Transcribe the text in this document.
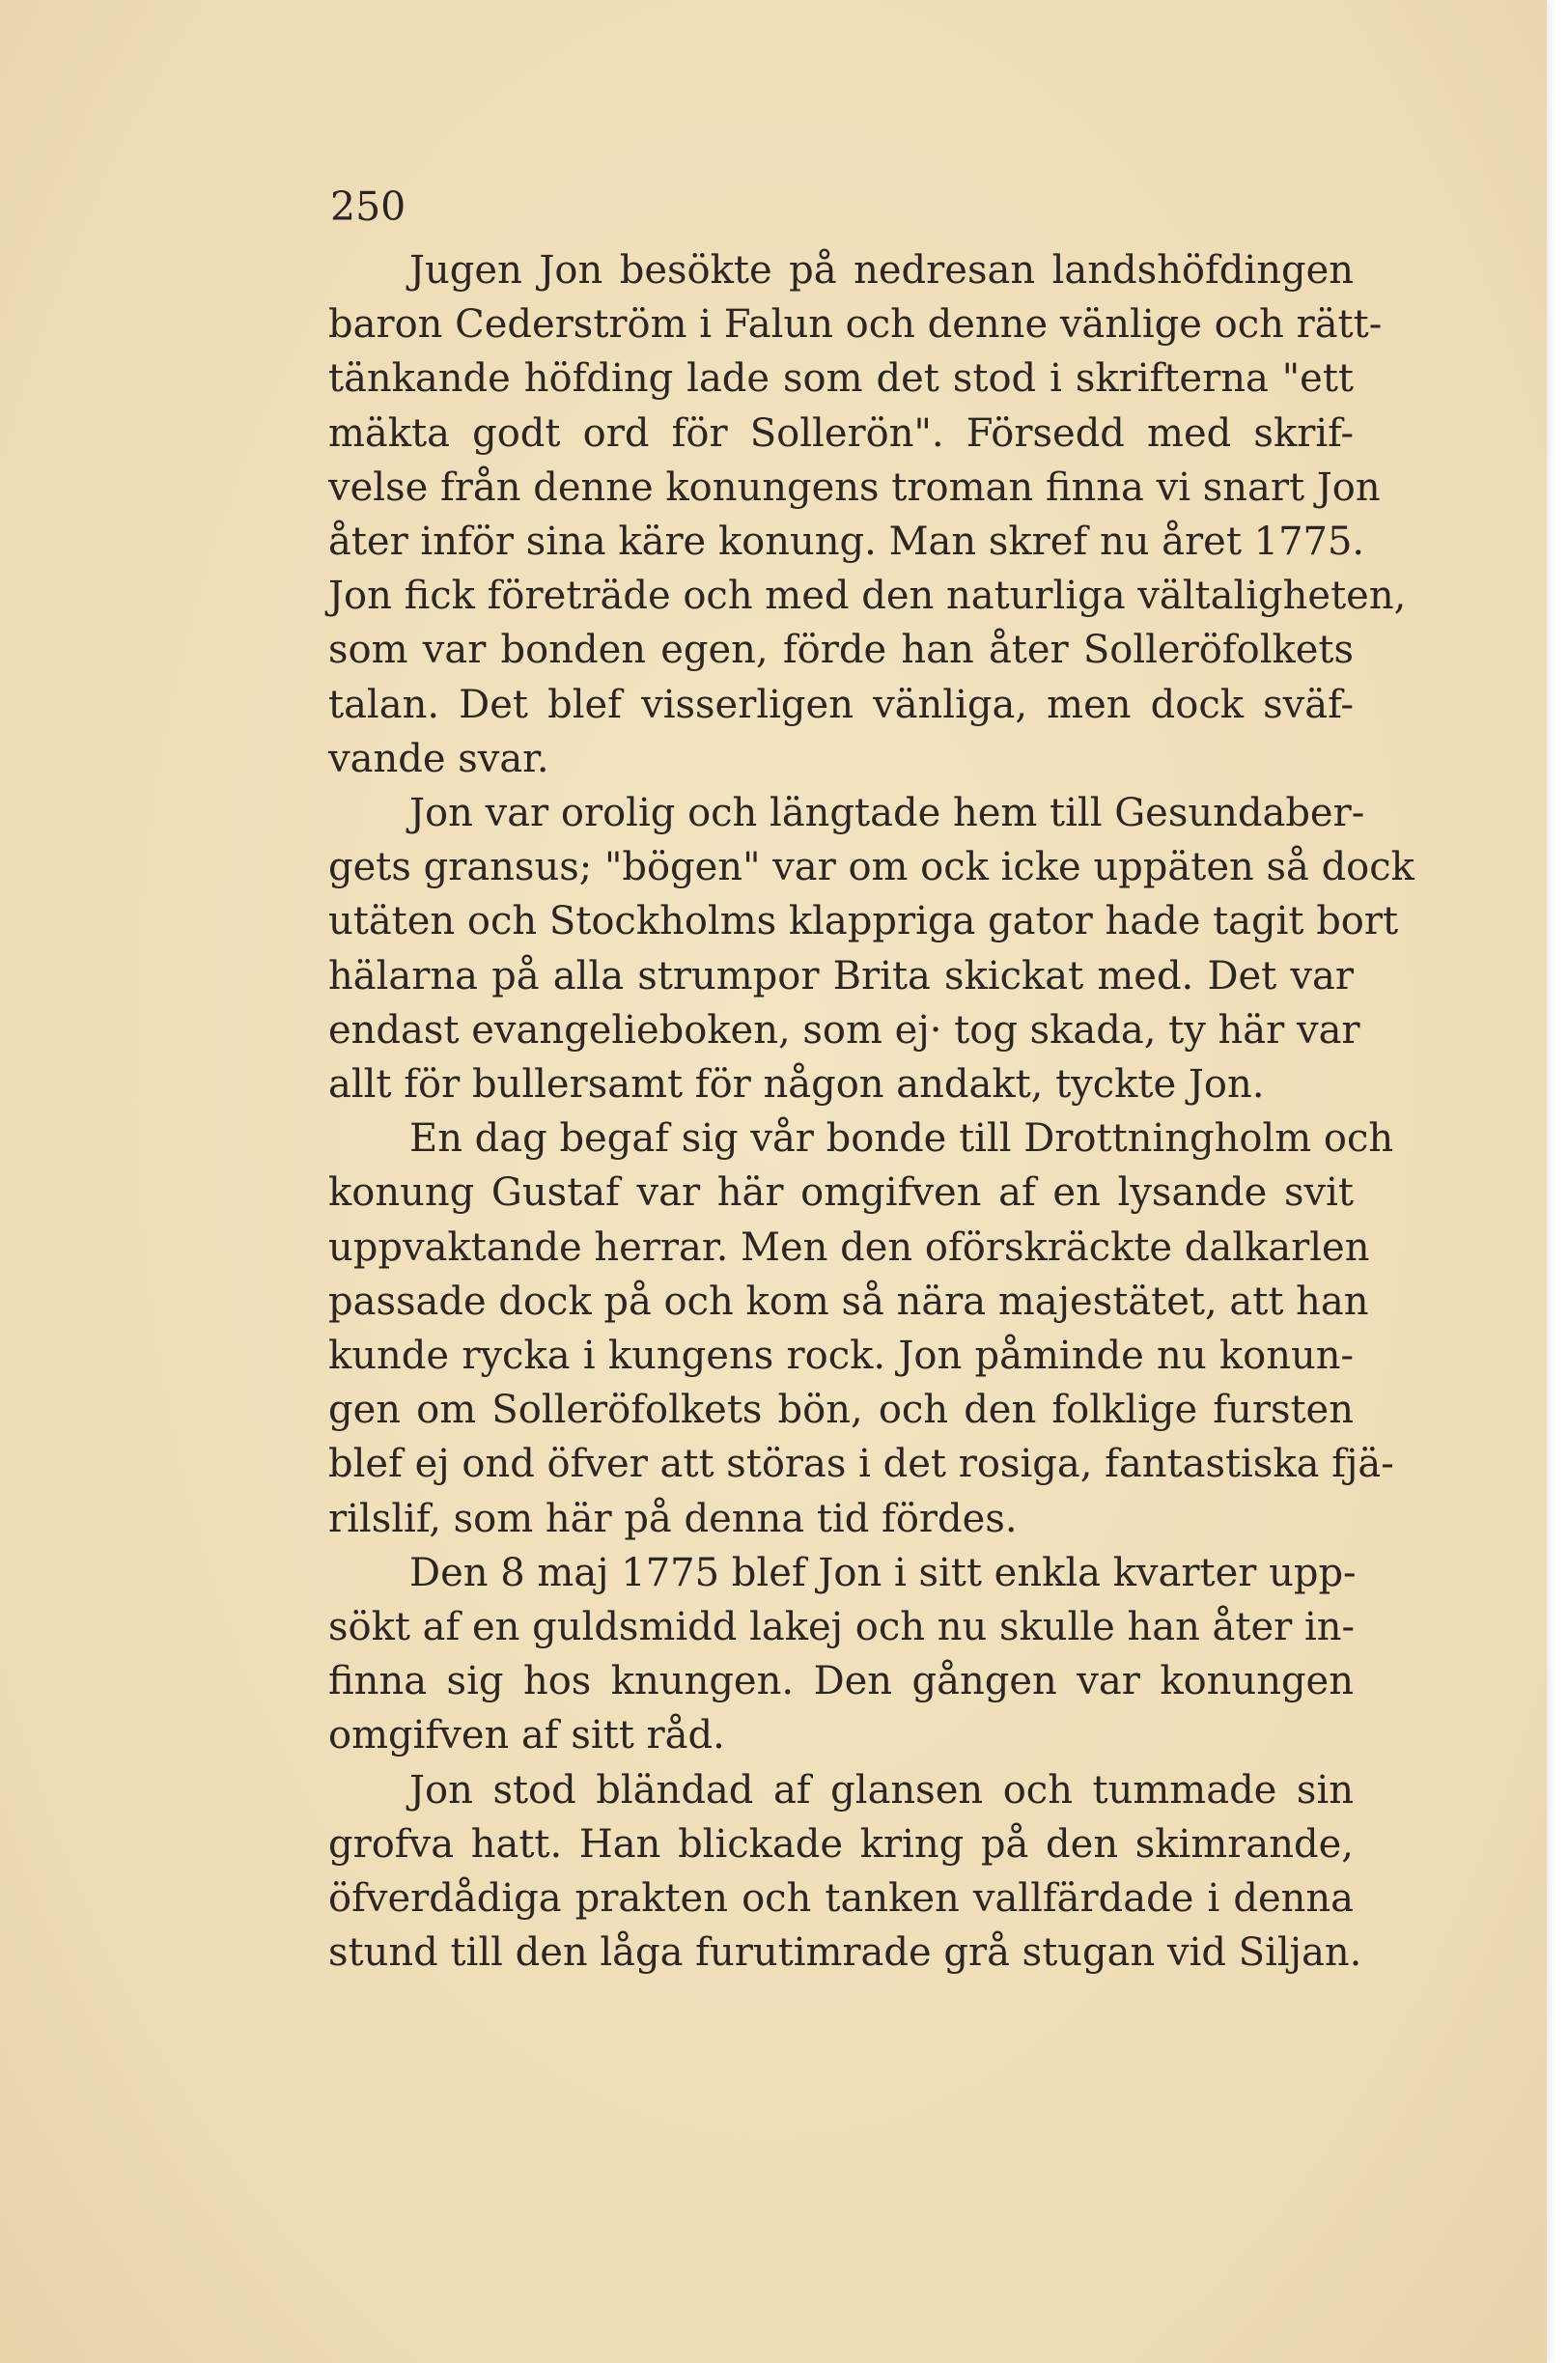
250

Jugen Jon besökte på nedresan landshöfdingen
baron Cederström i Falun och denne vänlige och rätt-
tänkande höfding lade som det stod i skrifterna "ett
mäkta godt ord för Sollerön". Försedd med skrif-
velse från denne konungens troman finna vi snart Jon
åter inför sina käre konung. Man skref nu året 1775.
Jon fick företräde och med den naturliga vältaligheten,
som var bonden egen, förde han åter Solleröfolkets
talan. Det blef visserligen vänliga, men dock sväf-
vande svar.
Jon var orolig och längtade hem till Gesundaber-
gets gransus; "bögen" var om ock icke uppäten så dock
utäten och Stockholms klappriga gator hade tagit bort
hälarna på alla strumpor Brita skickat med. Det var
endast evangelieboken, som ej· tog skada, ty här var
allt för bullersamt för någon andakt, tyckte Jon.
En dag begaf sig vår bonde till Drottningholm och
konung Gustaf var här omgifven af en lysande svit
uppvaktande herrar. Men den oförskräckte dalkarlen
passade dock på och kom så nära majestätet, att han
kunde rycka i kungens rock. Jon påminde nu konun-
gen om Solleröfolkets bön, och den folklige fursten
blef ej ond öfver att störas i det rosiga, fantastiska fjä-
rilslif, som här på denna tid fördes.
Den 8 maj 1775 blef Jon i sitt enkla kvarter upp-
sökt af en guldsmidd lakej och nu skulle han åter in-
finna sig hos knungen. Den gången var konungen
omgifven af sitt råd.
Jon stod bländad af glansen och tummade sin
grofva hatt. Han blickade kring på den skimrande,
öfverdådiga prakten och tanken vallfärdade i denna
stund till den låga furutimrade grå stugan vid Siljan.
